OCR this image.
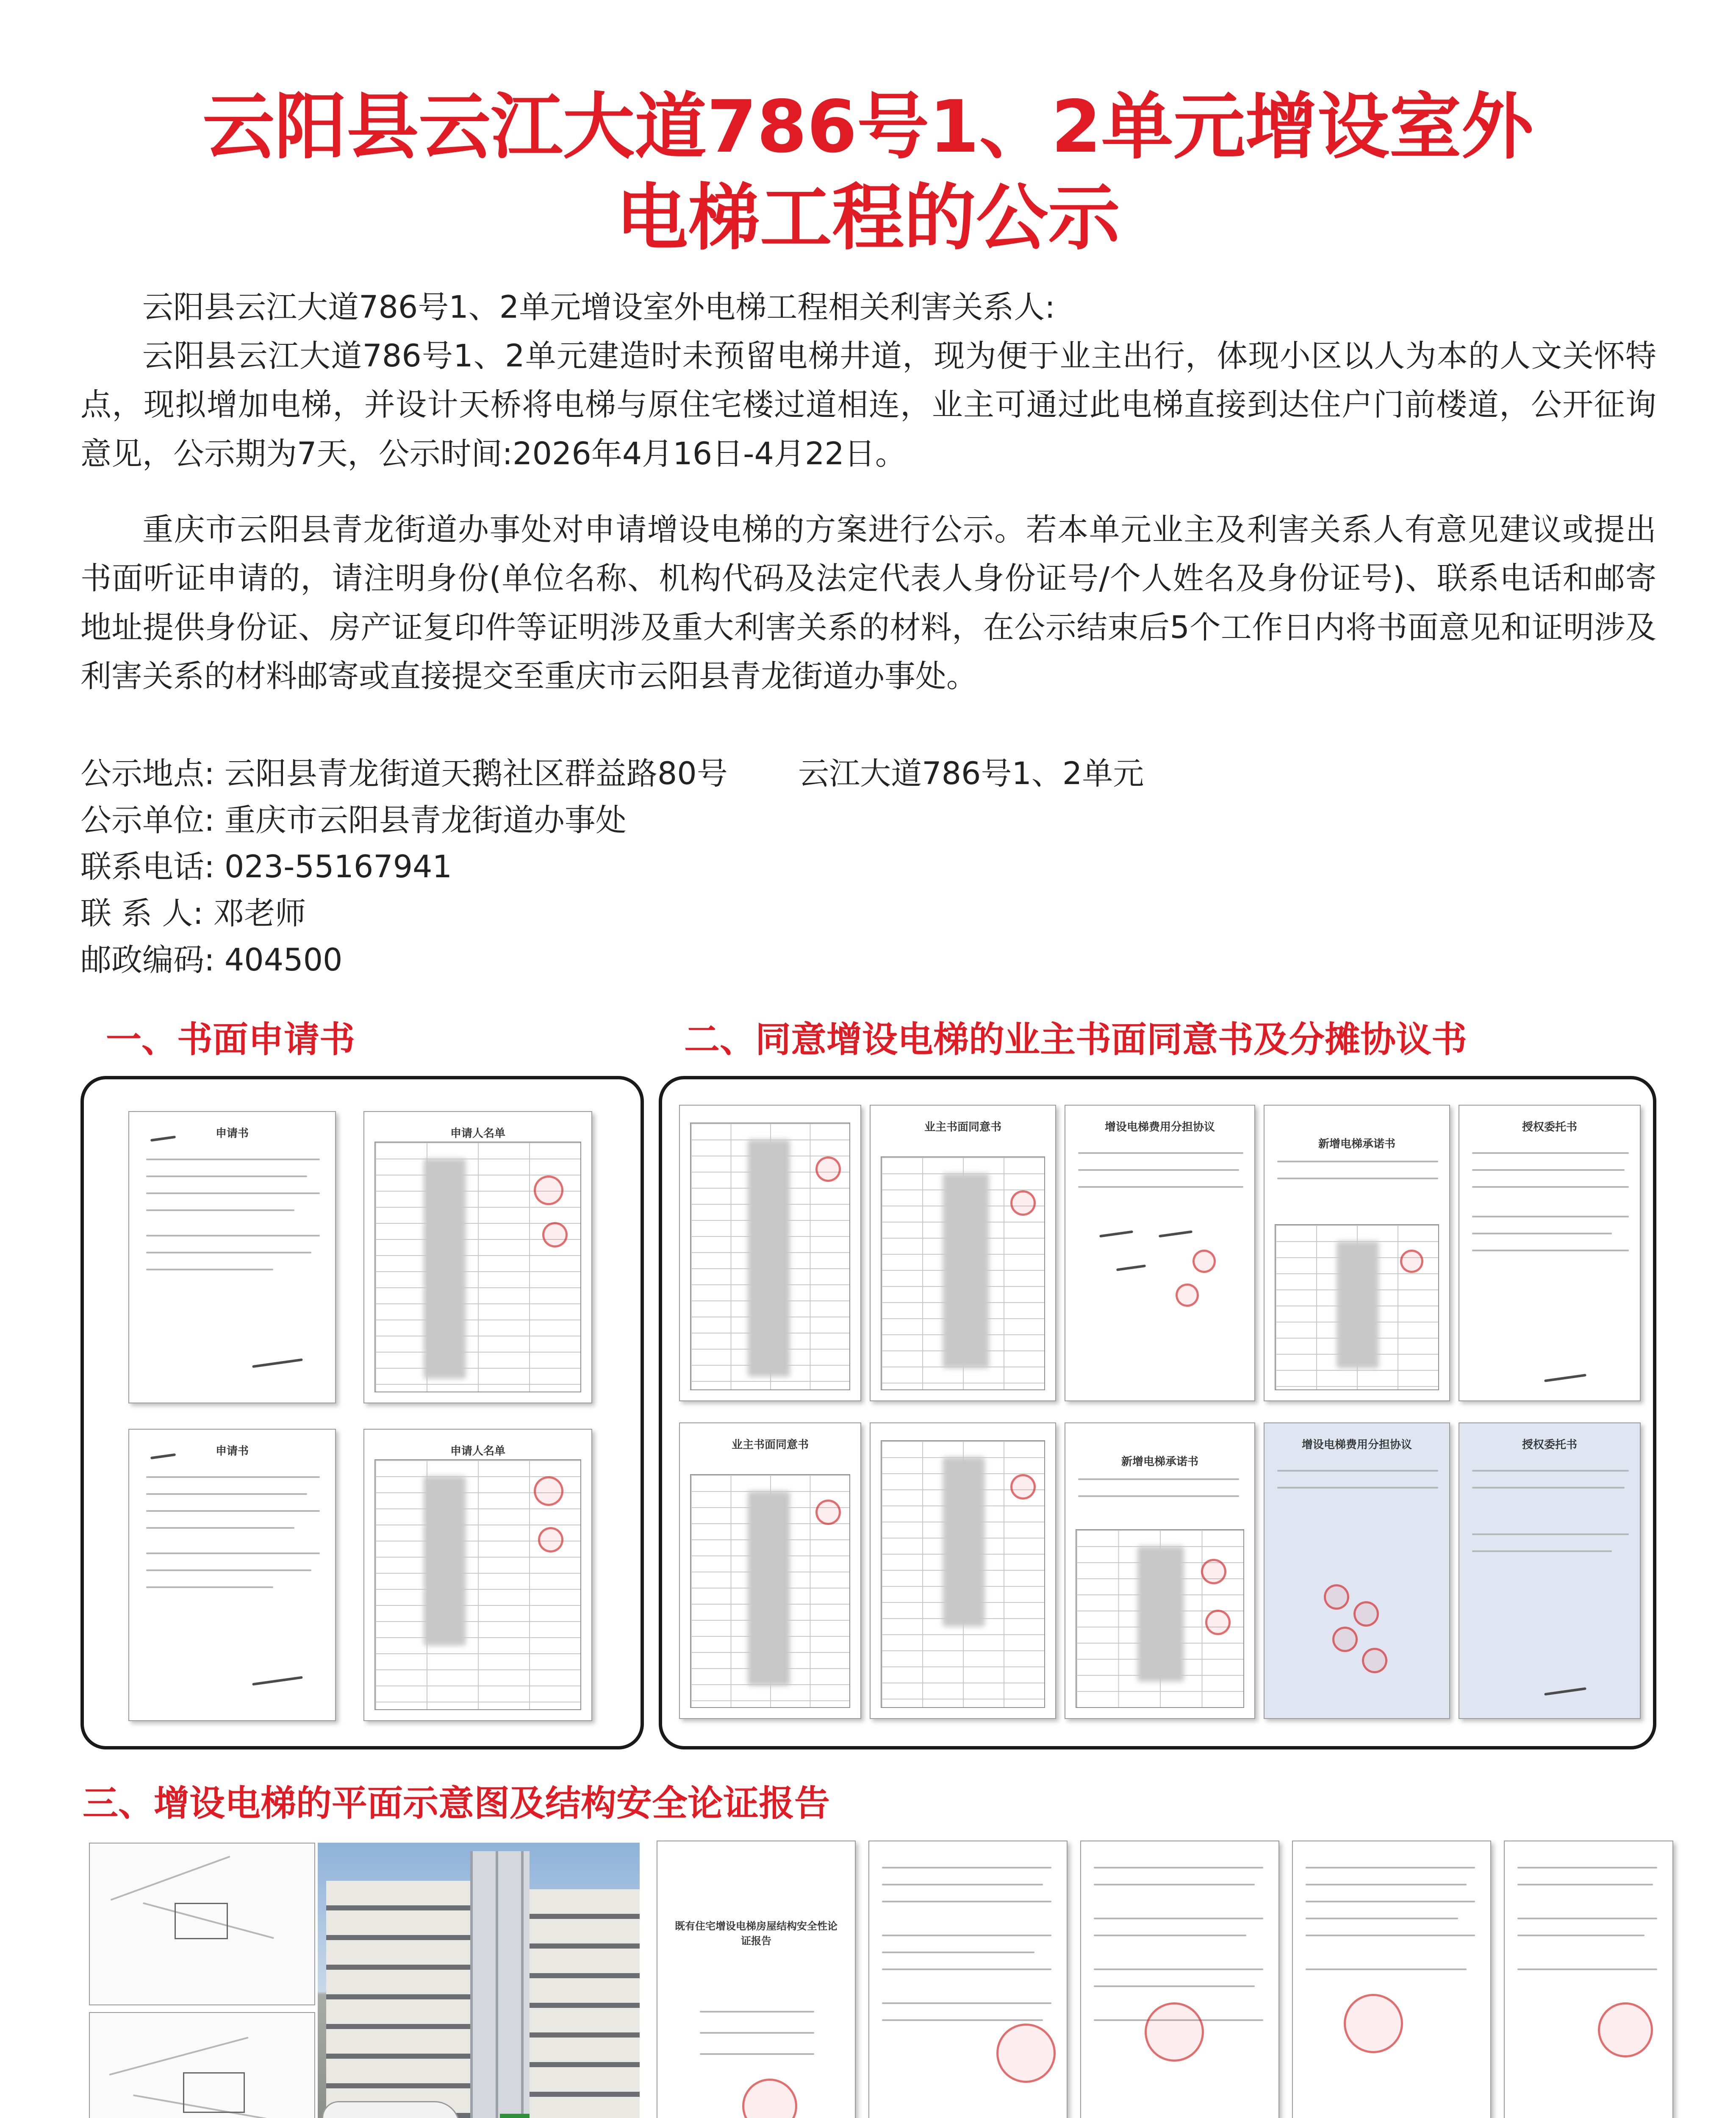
云阳县云江大道786号1、2单元增设室外
电梯工程的公示
云阳县云江大道786号1、2单元增设室外电梯工程相关利害关系人:
云阳县云江大道786号1、2单元建造时未预留电梯井道，现为便于业主出行，体现小区以人为本的人文关怀特点，现拟增加电梯，并设计天桥将电梯与原住宅楼过道相连，业主可通过此电梯直接到达住户门前楼道，公开征询意见，公示期为7天，公示时间:2026年4月16日-4月22日。
重庆市云阳县青龙街道办事处对申请增设电梯的方案进行公示。若本单元业主及利害关系人有意见建议或提出书面听证申请的，请注明身份(单位名称、机构代码及法定代表人身份证号/个人姓名及身份证号)、联系电话和邮寄地址提供身份证、房产证复印件等证明涉及重大利害关系的材料，在公示结束后5个工作日内将书面意见和证明涉及利害关系的材料邮寄或直接提交至重庆市云阳县青龙街道办事处。
公示地点: 云阳县青龙街道天鹅社区群益路80号 云江大道786号1、2单元
公示单位: 重庆市云阳县青龙街道办事处
联系电话: 023-55167941
联 系 人: 邓老师
邮政编码: 404500
一、书面申请书
申请书	申请人名单
申请书	申请人名单
二、同意增设电梯的业主书面同意书及分摊协议书
业主书面同意书	增设电梯费用分担协议
新增电梯承诺书
授权委托书
业主书面同意书
新增电梯承诺书
增设电梯费用分担协议	授权委托书
三、增设电梯的平面示意图及结构安全论证报告
既有住宅增设电梯房屋结构安全性论证报告
